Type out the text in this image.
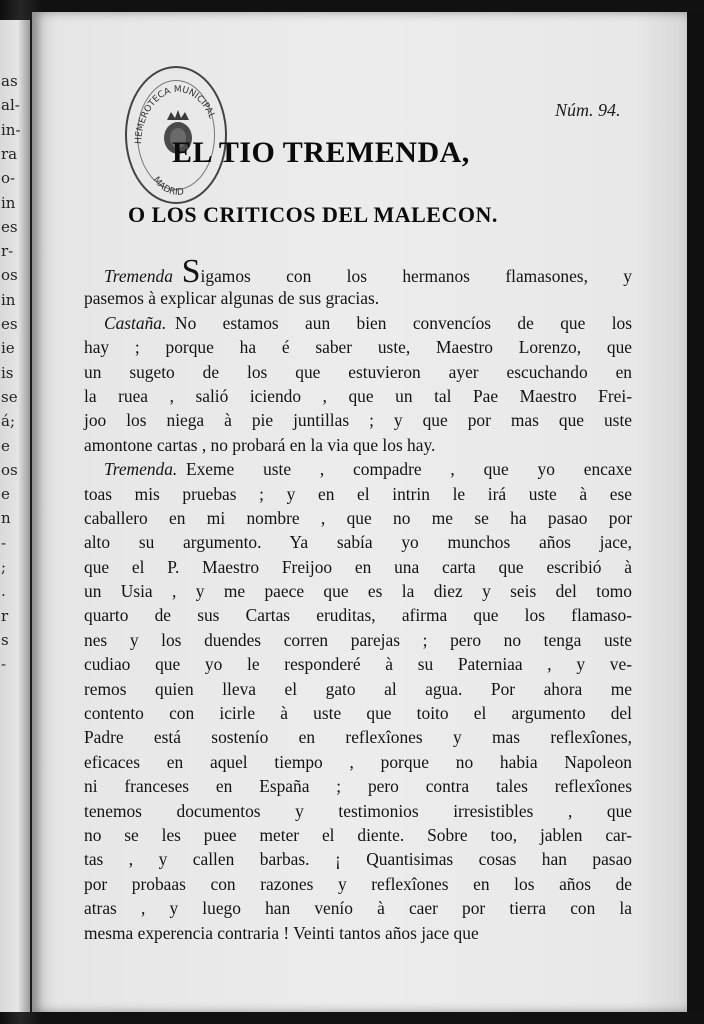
as
al-
in-
ra
o-
in
es
r-
os
in
es
ie
is
se
á;
e
os
e
n
-
;
.
r
s
-
HEMEROTECA MUNICIPAL
MADRID
Núm. 94.
EL TIO TREMENDA,
O LOS CRITICOS DEL MALECON.
Tremenda Sigamos con los hermanos flamasones, y
pasemos à explicar algunas de sus gracias.
Castaña. No estamos aun bien convencíos de que los
hay ; porque ha é saber uste, Maestro Lorenzo, que
un sugeto de los que estuvieron ayer escuchando en
la ruea , salió iciendo , que un tal Pae Maestro Frei-
joo los niega à pie juntillas ; y que por mas que uste
amontone cartas , no probará en la via que los hay.
Tremenda. Exeme uste , compadre , que yo encaxe
toas mis pruebas ; y en el intrin le irá uste à ese
caballero en mi nombre , que no me se ha pasao por
alto su argumento. Ya sabía yo munchos años jace,
que el P. Maestro Freijoo en una carta que escribió à
un Usia , y me paece que es la diez y seis del tomo
quarto de sus Cartas eruditas, afirma que los flamaso-
nes y los duendes corren parejas ; pero no tenga uste
cudiao que yo le responderé à su Paterniaa , y ve-
remos quien lleva el gato al agua. Por ahora me
contento con icirle à uste que toito el argumento del
Padre está sostenío en reflexîones y mas reflexîones,
eficaces en aquel tiempo , porque no habia Napoleon
ni franceses en España ; pero contra tales reflexîones
tenemos documentos y testimonios irresistibles , que
no se les puee meter el diente. Sobre too, jablen car-
tas , y callen barbas. ¡ Quantisimas cosas han pasao
por probaas con razones y reflexîones en los años de
atras , y luego han venío à caer por tierra con la
mesma experencia contraria ! Veinti tantos años jace que
